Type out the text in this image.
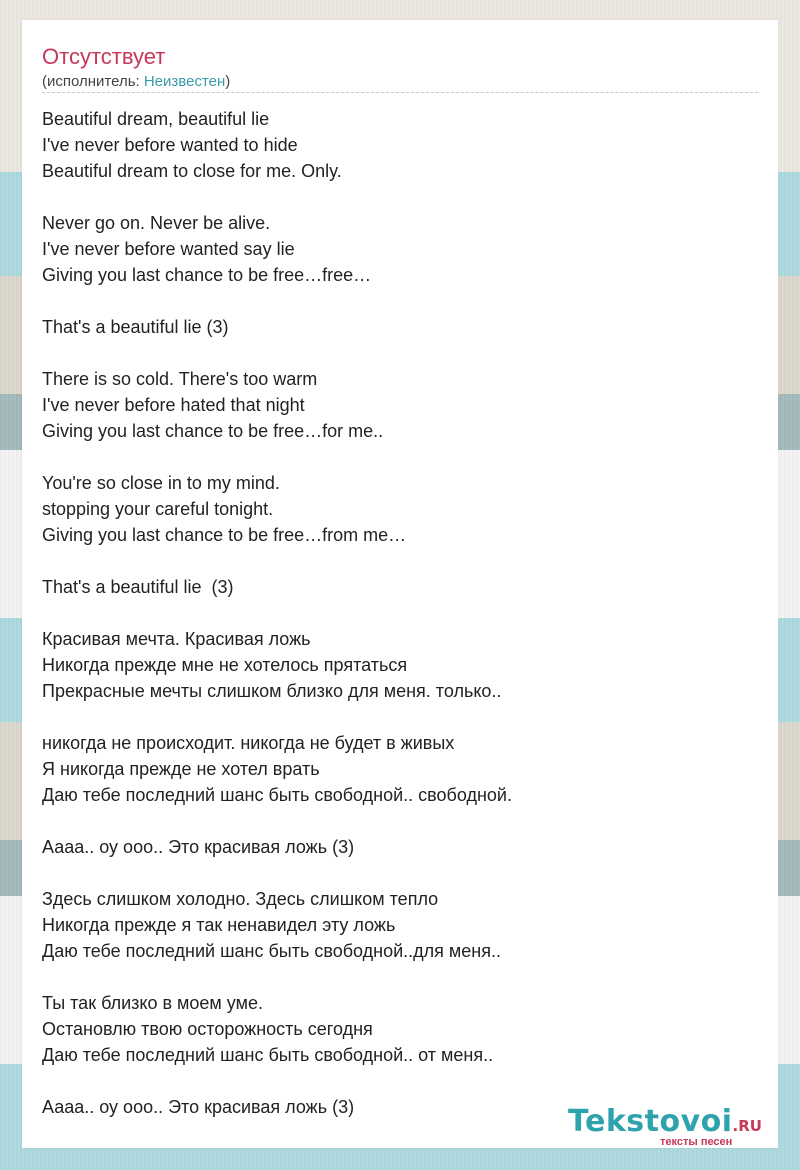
Отсутствует
(исполнитель: Неизвестен)
Beautiful dream, beautiful lie
I've never before wanted to hide
Beautiful dream to close for me. Only.
Never go on. Never be alive.
I've never before wanted say lie
Giving you last chance to be free…free…
That's a beautiful lie (3)
There is so cold. There's too warm
I've never before hated that night
Giving you last chance to be free…for me..
You're so close in to my mind.
stopping your careful tonight.
Giving you last chance to be free…from me…
That's a beautiful lie  (3)
Красивая мечта. Красивая ложь
Никогда прежде мне не хотелось прятаться
Прекрасные мечты слишком близко для меня. только..
никогда не происходит. никогда не будет в живых
Я никогда прежде не хотел врать
Даю тебе последний шанс быть свободной.. свободной.
Аааа.. оу ооо.. Это красивая ложь (3)
Здесь слишком холодно. Здесь слишком тепло
Никогда прежде я так ненавидел эту ложь
Даю тебе последний шанс быть свободной..для меня..
Ты так близко в моем уме.
Остановлю твою осторожность сегодня
Даю тебе последний шанс быть свободной.. от меня..
Аааа.. оу ооо.. Это красивая ложь (3)	Tekstovoi.RU
тексты песен
